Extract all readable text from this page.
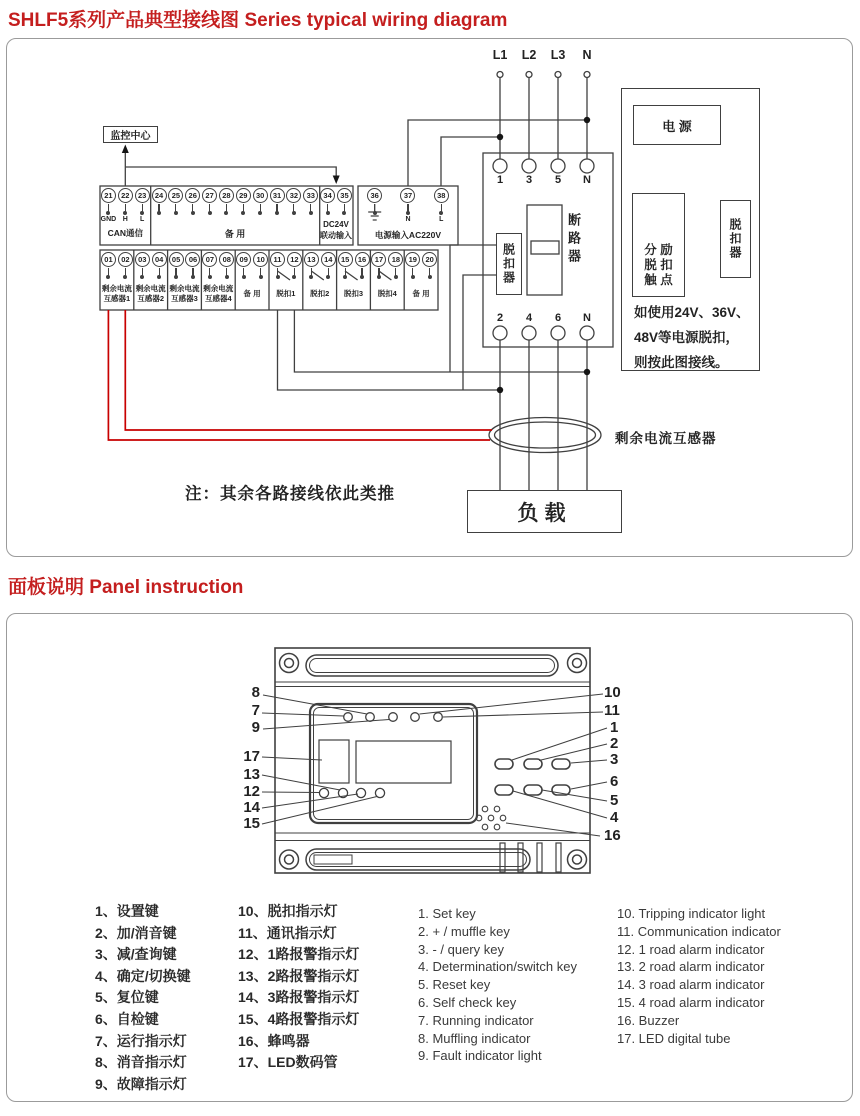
SHLF5系列产品典型接线图 Series typical wiring diagram
面板说明 Panel instruction
L1 L2 L3 N
监控中心
21
GND
22
H
23
L
24	25	26	27	28	29	30	31	32	33	34	35
CAN通信	备 用
DC24V
联动输入
36	37
N
38
L
电源输入AC220V
01	02	03	04	05	06	07	08	09	10	11	12	13	14	15	16	17	18	19	20
剩余电流
互感器1
剩余电流
互感器2
剩余电流
互感器3
剩余电流
互感器4
备 用 脱扣1 脱扣2 脱扣3 脱扣4 备 用
1 3 5 N
2 4 6 N
脱扣器	断路器
电 源
分 励
脱 扣
触 点
脱扣器
如使用24V、36V、
48V等电源脱扣，
则按此图接线。
剩余电流互感器
负载
注：其余各路接线依此类推
8
7
9
17
13
12
14
15
10
11
1
2
3
6
5
4
16
1、设置键
2、加/消音键
3、减/查询键
4、确定/切换键
5、复位键
6、自检键
7、运行指示灯
8、消音指示灯
9、故障指示灯
10、脱扣指示灯
11、通讯指示灯
12、1路报警指示灯
13、2路报警指示灯
14、3路报警指示灯
15、4路报警指示灯
16、蜂鸣器
17、LED数码管
1. Set key
2. + / muffle key
3. - / query key
4. Determination/switch key
5. Reset key
6. Self check key
7. Running indicator
8. Muffling indicator
9. Fault indicator light
10. Tripping indicator light
11. Communication indicator
12. 1 road alarm indicator
13. 2 road alarm indicator
14. 3 road alarm indicator
15. 4 road alarm indicator
16. Buzzer
17. LED digital tube
